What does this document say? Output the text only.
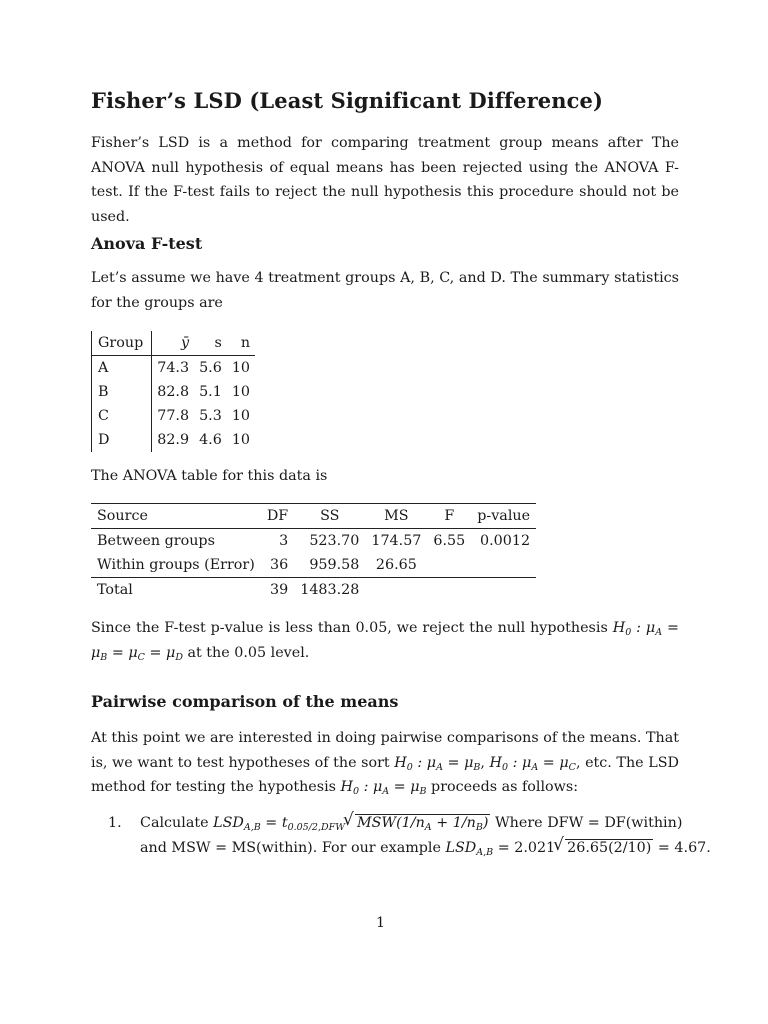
Fisher’s LSD (Least Significant Difference)
Fisher’s LSD is a method for comparing treatment group means after The ANOVA null hypothesis of equal means has been rejected using the ANOVA F-test. If the F-test fails to reject the null hypothesis this procedure should not be used.
Anova F-test
Let’s assume we have 4 treatment groups A, B, C, and D. The summary statistics for the groups are
Group	ȳ	s	n
A	74.3	5.6	10
B	82.8	5.1	10
C	77.8	5.3	10
D	82.9	4.6	10
The ANOVA table for this data is
Source	DF	SS	MS	F	p-value
Between groups	3	523.70	174.57	6.55	0.0012
Within groups (Error)	36	959.58	26.65		
Total	39	1483.28			
Since the F-test p-value is less than 0.05, we reject the null hypothesis $H_0$ : $\mu_A = \mu_B = \mu_C = \mu_D$ at the 0.05 level.
Pairwise comparison of the means
At this point we are interested in doing pairwise comparisons of the means. That is, we want to test hypotheses of the sort $H_0$ : $\mu_A = \mu_B$, $H_0$ : $\mu_A = \mu_C$, etc. The LSD method for testing the hypothesis $H_0$ : $\mu_A = \mu_B$ proceeds as follows:
1. Calculate $LSD_{A,B} = t_{0.05/2,DFW}$ √ $MSW(1/n_A + 1/n_B)$ Where DFW = DF(within)
and MSW = MS(within). For our example $LSD_{A,B} = 2.021$ √ 26.65(2/10) = 4.67.
1
